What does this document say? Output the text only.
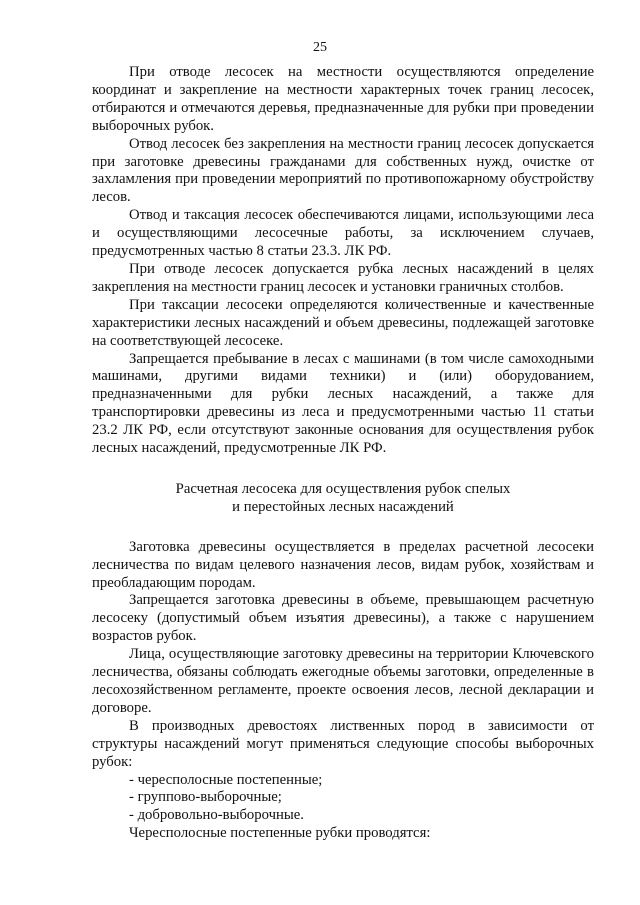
25

При отводе лесосек на местности осуществляются определение координат и закрепление на местности характерных точек границ лесосек, отбираются и отмечаются деревья, предназначенные для рубки при проведении выборочных рубок.

Отвод лесосек без закрепления на местности границ лесосек допускается при заготовке древесины гражданами для собственных нужд, очистке от захламления при проведении мероприятий по противопожарному обустройству лесов.

Отвод и таксация лесосек обеспечиваются лицами, использующими леса и осуществляющими лесосечные работы, за исключением случаев, предусмотренных частью 8 статьи 23.3. ЛК РФ.

При отводе лесосек допускается рубка лесных насаждений в целях закрепления на местности границ лесосек и установки граничных столбов.

При таксации лесосеки определяются количественные и качественные характеристики лесных насаждений и объем древесины, подлежащей заготовке на соответствующей лесосеке.

Запрещается пребывание в лесах с машинами (в том числе самоходными машинами, другими видами техники) и (или) оборудованием, предназначенными для рубки лесных насаждений, а также для транспортировки древесины из леса и предусмотренными частью 11 статьи 23.2 ЛК РФ, если отсутствуют законные основания для осуществления рубок лесных насаждений, предусмотренные ЛК РФ.

Расчетная лесосека для осуществления рубок спелых
и перестойных лесных насаждений

Заготовка древесины осуществляется в пределах расчетной лесосеки лесничества по видам целевого назначения лесов, видам рубок, хозяйствам и преобладающим породам.

Запрещается заготовка древесины в объеме, превышающем расчетную лесосеку (допустимый объем изъятия древесины), а также с нарушением возрастов рубок.

Лица, осуществляющие заготовку древесины на территории Ключевского лесничества, обязаны соблюдать ежегодные объемы заготовки, определенные в лесохозяйственном регламенте, проекте освоения лесов, лесной декларации и договоре.

В производных древостоях лиственных пород в зависимости от структуры насаждений могут применяться следующие способы выборочных рубок:

- чересполосные постепенные;
- группово-выборочные;
- добровольно-выборочные.

Чересполосные постепенные рубки проводятся:
